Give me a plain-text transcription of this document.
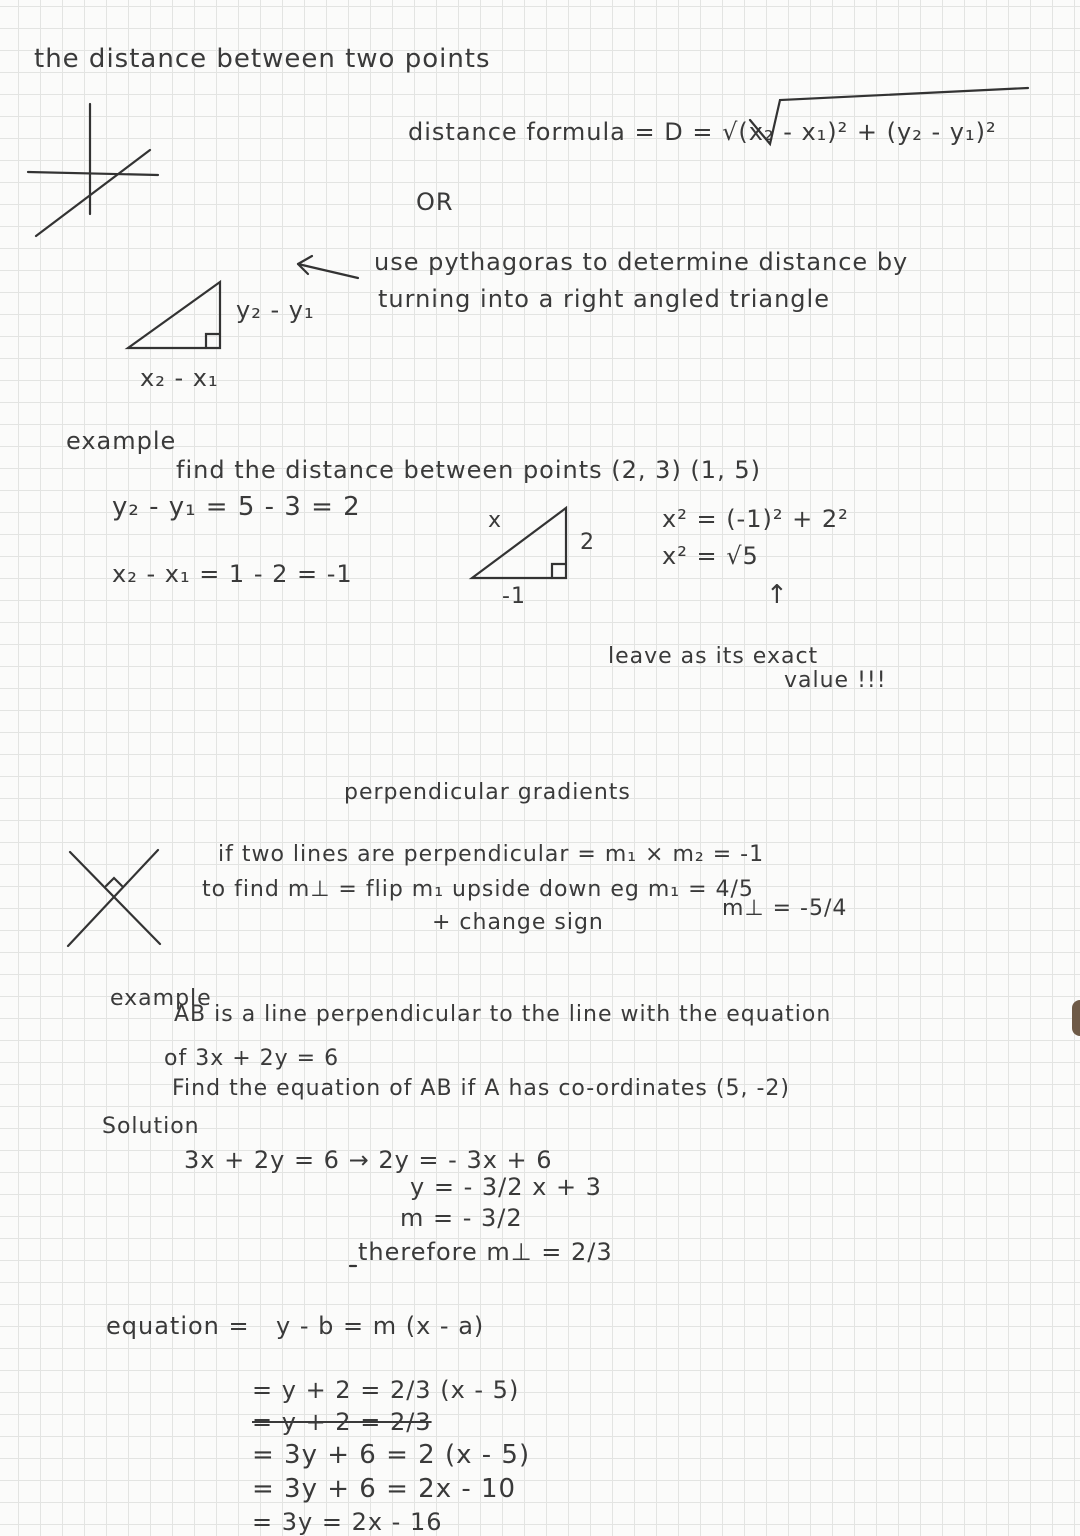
the distance between two points
distance formula = D = √(x₂ - x₁)² + (y₂ - y₁)²
OR
use pythagoras to determine distance by
turning into a right angled triangle
y₂ - y₁
x₂ - x₁
example
find the distance between points (2, 3) (1, 5)
y₂ - y₁ = 5 - 3 = 2
x₂ - x₁ = 1 - 2 = -1
x
2
-1
x² = (-1)² + 2²
x² = √5
↑
leave as its exact
value !!!
perpendicular gradients
if two lines are perpendicular = m₁ × m₂ = -1
to find m⊥ = flip m₁ upside down eg m₁ = 4/5
+ change sign
m⊥ = -5/4
example
AB is a line perpendicular to the line with the equation
of 3x + 2y = 6
Find the equation of AB if A has co-ordinates (5, -2)
Solution
3x + 2y = 6 → 2y = - 3x + 6
y = - 3/2 x + 3
m = - 3/2
therefore m⊥ = 2/3
equation = y - b = m (x - a)
= y + 2 = 2/3 (x - 5)
= y + 2 = 2/3
= 3y + 6 = 2 (x - 5)
= 3y + 6 = 2x - 10
= 3y = 2x - 16
